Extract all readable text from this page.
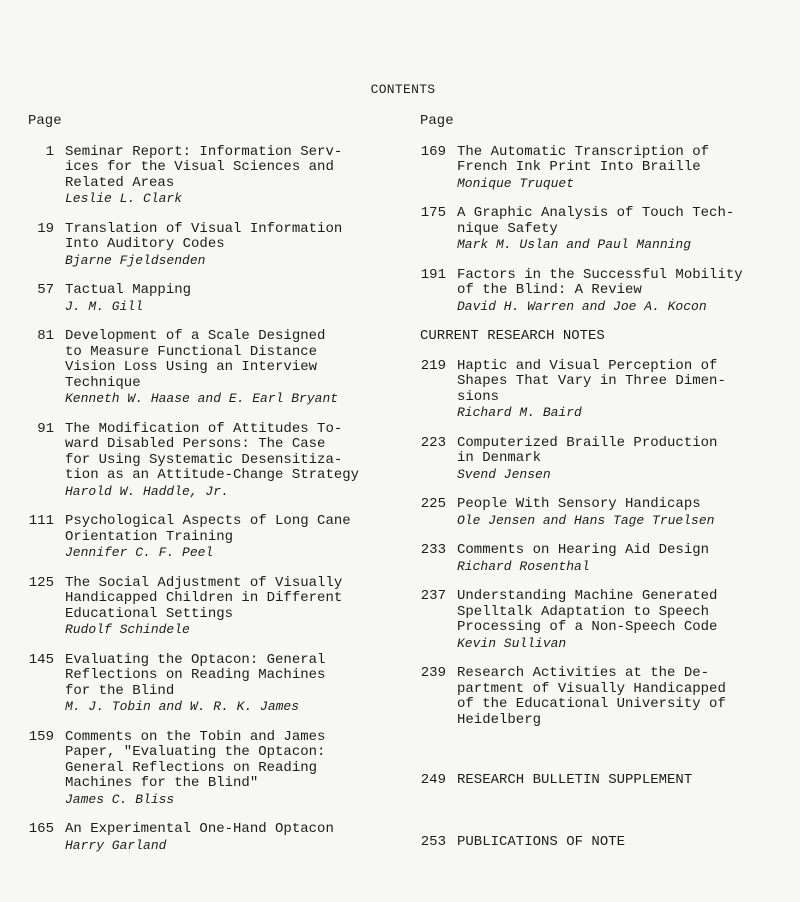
CONTENTS
Page
1 Seminar Report: Information Serv-
ices for the Visual Sciences and
Related Areas
Leslie L. Clark
19 Translation of Visual Information
Into Auditory Codes
Bjarne Fjeldsenden
57 Tactual Mapping
J. M. Gill
81 Development of a Scale Designed
to Measure Functional Distance
Vision Loss Using an Interview
Technique
Kenneth W. Haase and E. Earl Bryant
91 The Modification of Attitudes To-
ward Disabled Persons: The Case
for Using Systematic Desensitiza-
tion as an Attitude-Change Strategy
Harold W. Haddle, Jr.
111 Psychological Aspects of Long Cane
Orientation Training
Jennifer C. F. Peel
125 The Social Adjustment of Visually
Handicapped Children in Different
Educational Settings
Rudolf Schindele
145 Evaluating the Optacon: General
Reflections on Reading Machines
for the Blind
M. J. Tobin and W. R. K. James
159 Comments on the Tobin and James
Paper, "Evaluating the Optacon:
General Reflections on Reading
Machines for the Blind"
James C. Bliss
165 An Experimental One-Hand Optacon
Harry Garland
Page
169 The Automatic Transcription of
French Ink Print Into Braille
Monique Truquet
175 A Graphic Analysis of Touch Tech-
nique Safety
Mark M. Uslan and Paul Manning
191 Factors in the Successful Mobility
of the Blind: A Review
David H. Warren and Joe A. Kocon
CURRENT RESEARCH NOTES
219 Haptic and Visual Perception of
Shapes That Vary in Three Dimen-
sions
Richard M. Baird
223 Computerized Braille Production
in Denmark
Svend Jensen
225 People With Sensory Handicaps
Ole Jensen and Hans Tage Truelsen
233 Comments on Hearing Aid Design
Richard Rosenthal
237 Understanding Machine Generated
Spelltalk Adaptation to Speech
Processing of a Non-Speech Code
Kevin Sullivan
239 Research Activities at the De-
partment of Visually Handicapped
of the Educational University of
Heidelberg
249 RESEARCH BULLETIN SUPPLEMENT
253 PUBLICATIONS OF NOTE
